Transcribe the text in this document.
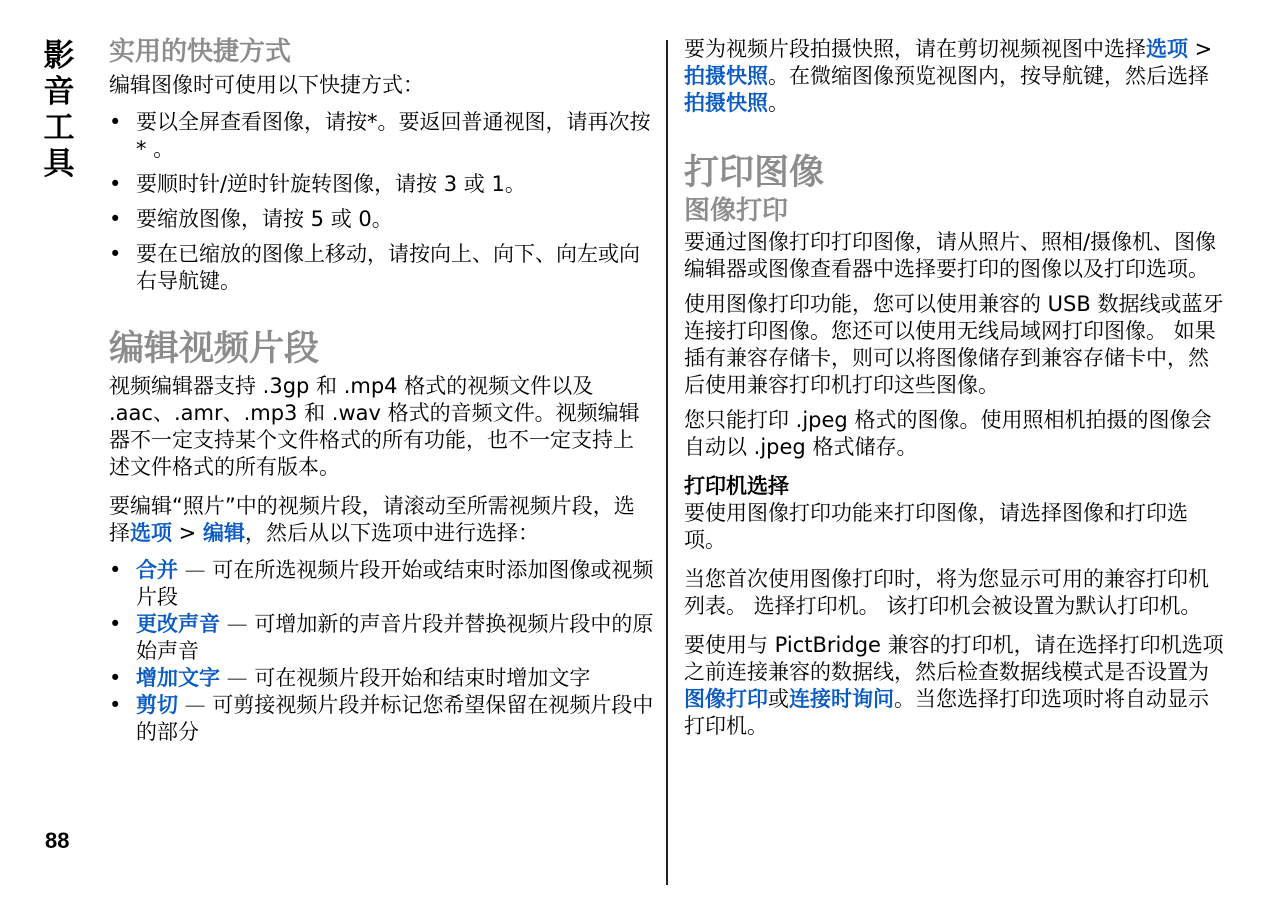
影
音
工
具
88
实用的快捷方式

编辑图像时可使用以下快捷方式：

• 要以全屏查看图像，请按*。要返回普通视图，请再次按* 。
• 要顺时针/逆时针旋转图像，请按 3 或 1。
• 要缩放图像，请按 5 或 0。
• 要在已缩放的图像上移动，请按向上、向下、向左或向右导航键。
编辑视频片段

视频编辑器支持 .3gp 和 .mp4 格式的视频文件以及 .aac、.amr、.mp3 和 .wav 格式的音频文件。视频编辑器不一定支持某个文件格式的所有功能，也不一定支持上述文件格式的所有版本。

要编辑“照片”中的视频片段，请滚动至所需视频片段，选择选项 > 编辑，然后从以下选项中进行选择：

• 合并 — 可在所选视频片段开始或结束时添加图像或视频片段
• 更改声音 — 可增加新的声音片段并替换视频片段中的原始声音
• 增加文字 — 可在视频片段开始和结束时增加文字
• 剪切 — 可剪接视频片段并标记您希望保留在视频片段中的部分

要为视频片段拍摄快照，请在剪切视频视图中选择选项 > 拍摄快照。在微缩图像预览视图内，按导航键，然后选择拍摄快照。

打印图像
图像打印

要通过图像打印打印图像，请从照片、照相/摄像机、图像编辑器或图像查看器中选择要打印的图像以及打印选项。

使用图像打印功能，您可以使用兼容的 USB 数据线或蓝牙连接打印图像。您还可以使用无线局域网打印图像。 如果插有兼容存储卡，则可以将图像储存到兼容存储卡中，然后使用兼容打印机打印这些图像。

您只能打印 .jpeg 格式的图像。使用照相机拍摄的图像会自动以 .jpeg 格式储存。

打印机选择

要使用图像打印功能来打印图像，请选择图像和打印选项。

当您首次使用图像打印时，将为您显示可用的兼容打印机列表。 选择打印机。 该打印机会被设置为默认打印机。

要使用与 PictBridge 兼容的打印机，请在选择打印机选项之前连接兼容的数据线，然后检查数据线模式是否设置为图像打印或连接时询问。当您选择打印选项时将自动显示打印机。
